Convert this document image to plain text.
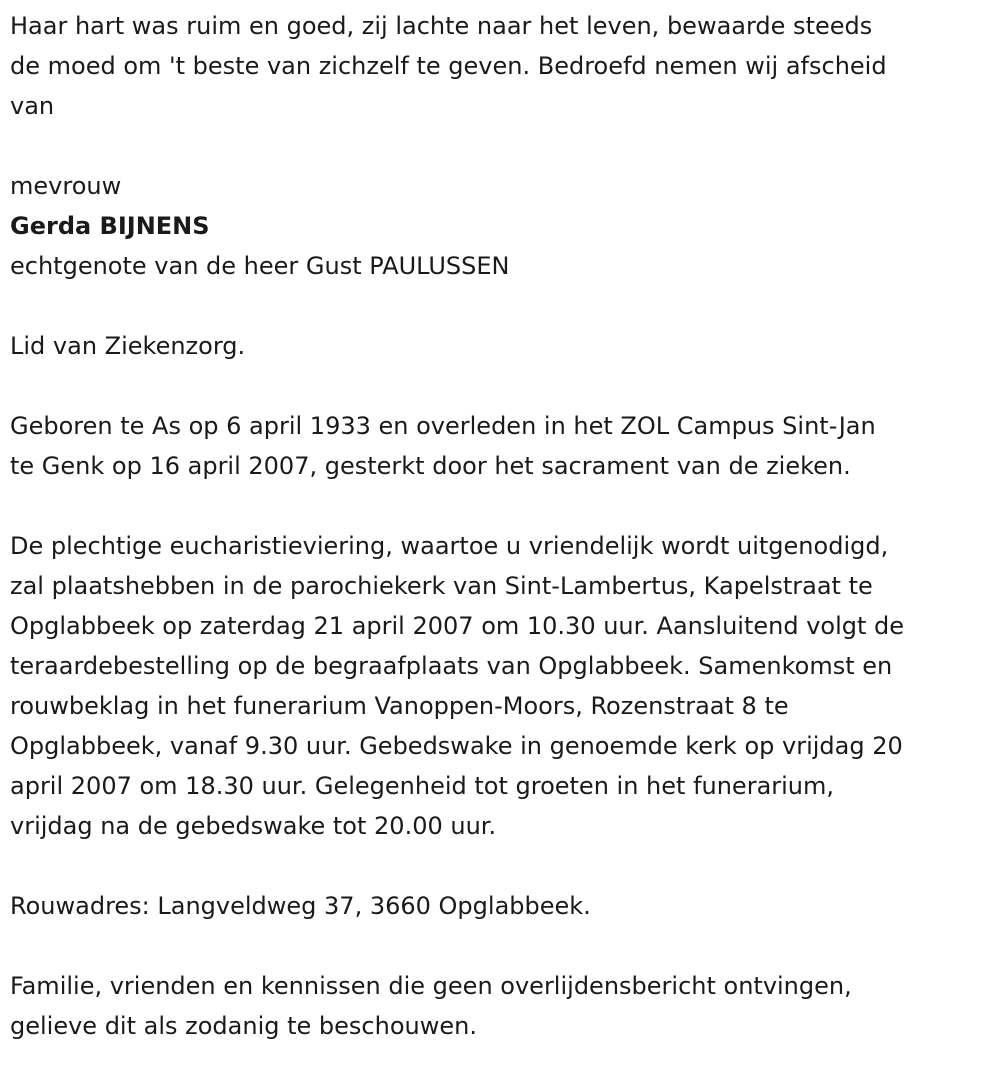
Haar hart was ruim en goed, zij lachte naar het leven, bewaarde steeds

de moed om 't beste van zichzelf te geven. Bedroefd nemen wij afscheid

van

mevrouw

Gerda BIJNENS

echtgenote van de heer Gust PAULUSSEN

Lid van Ziekenzorg.

Geboren te As op 6 april 1933 en overleden in het ZOL Campus Sint-Jan

te Genk op 16 april 2007, gesterkt door het sacrament van de zieken.

De plechtige eucharistieviering, waartoe u vriendelijk wordt uitgenodigd,

zal plaatshebben in de parochiekerk van Sint-Lambertus, Kapelstraat te

Opglabbeek op zaterdag 21 april 2007 om 10.30 uur. Aansluitend volgt de

teraardebestelling op de begraafplaats van Opglabbeek. Samenkomst en

rouwbeklag in het funerarium Vanoppen-Moors, Rozenstraat 8 te

Opglabbeek, vanaf 9.30 uur. Gebedswake in genoemde kerk op vrijdag 20

april 2007 om 18.30 uur. Gelegenheid tot groeten in het funerarium,

vrijdag na de gebedswake tot 20.00 uur.

Rouwadres: Langveldweg 37, 3660 Opglabbeek.

Familie, vrienden en kennissen die geen overlijdensbericht ontvingen,

gelieve dit als zodanig te beschouwen.
